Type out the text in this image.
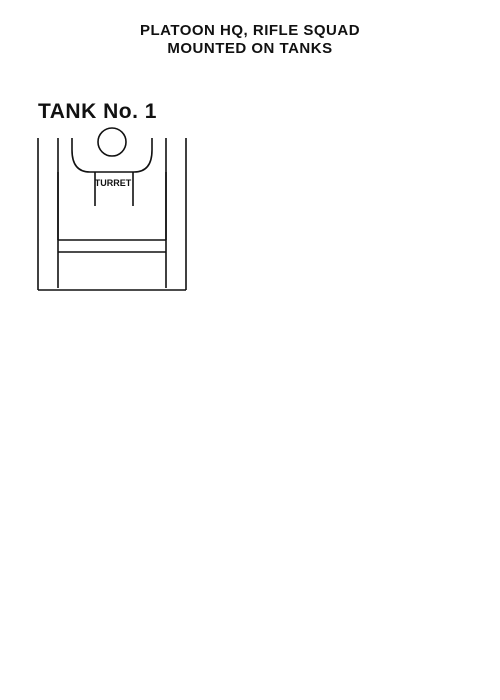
PLATOON HQ, RIFLE SQUAD
MOUNTED ON TANKS
TANK No. 1
TURRET
